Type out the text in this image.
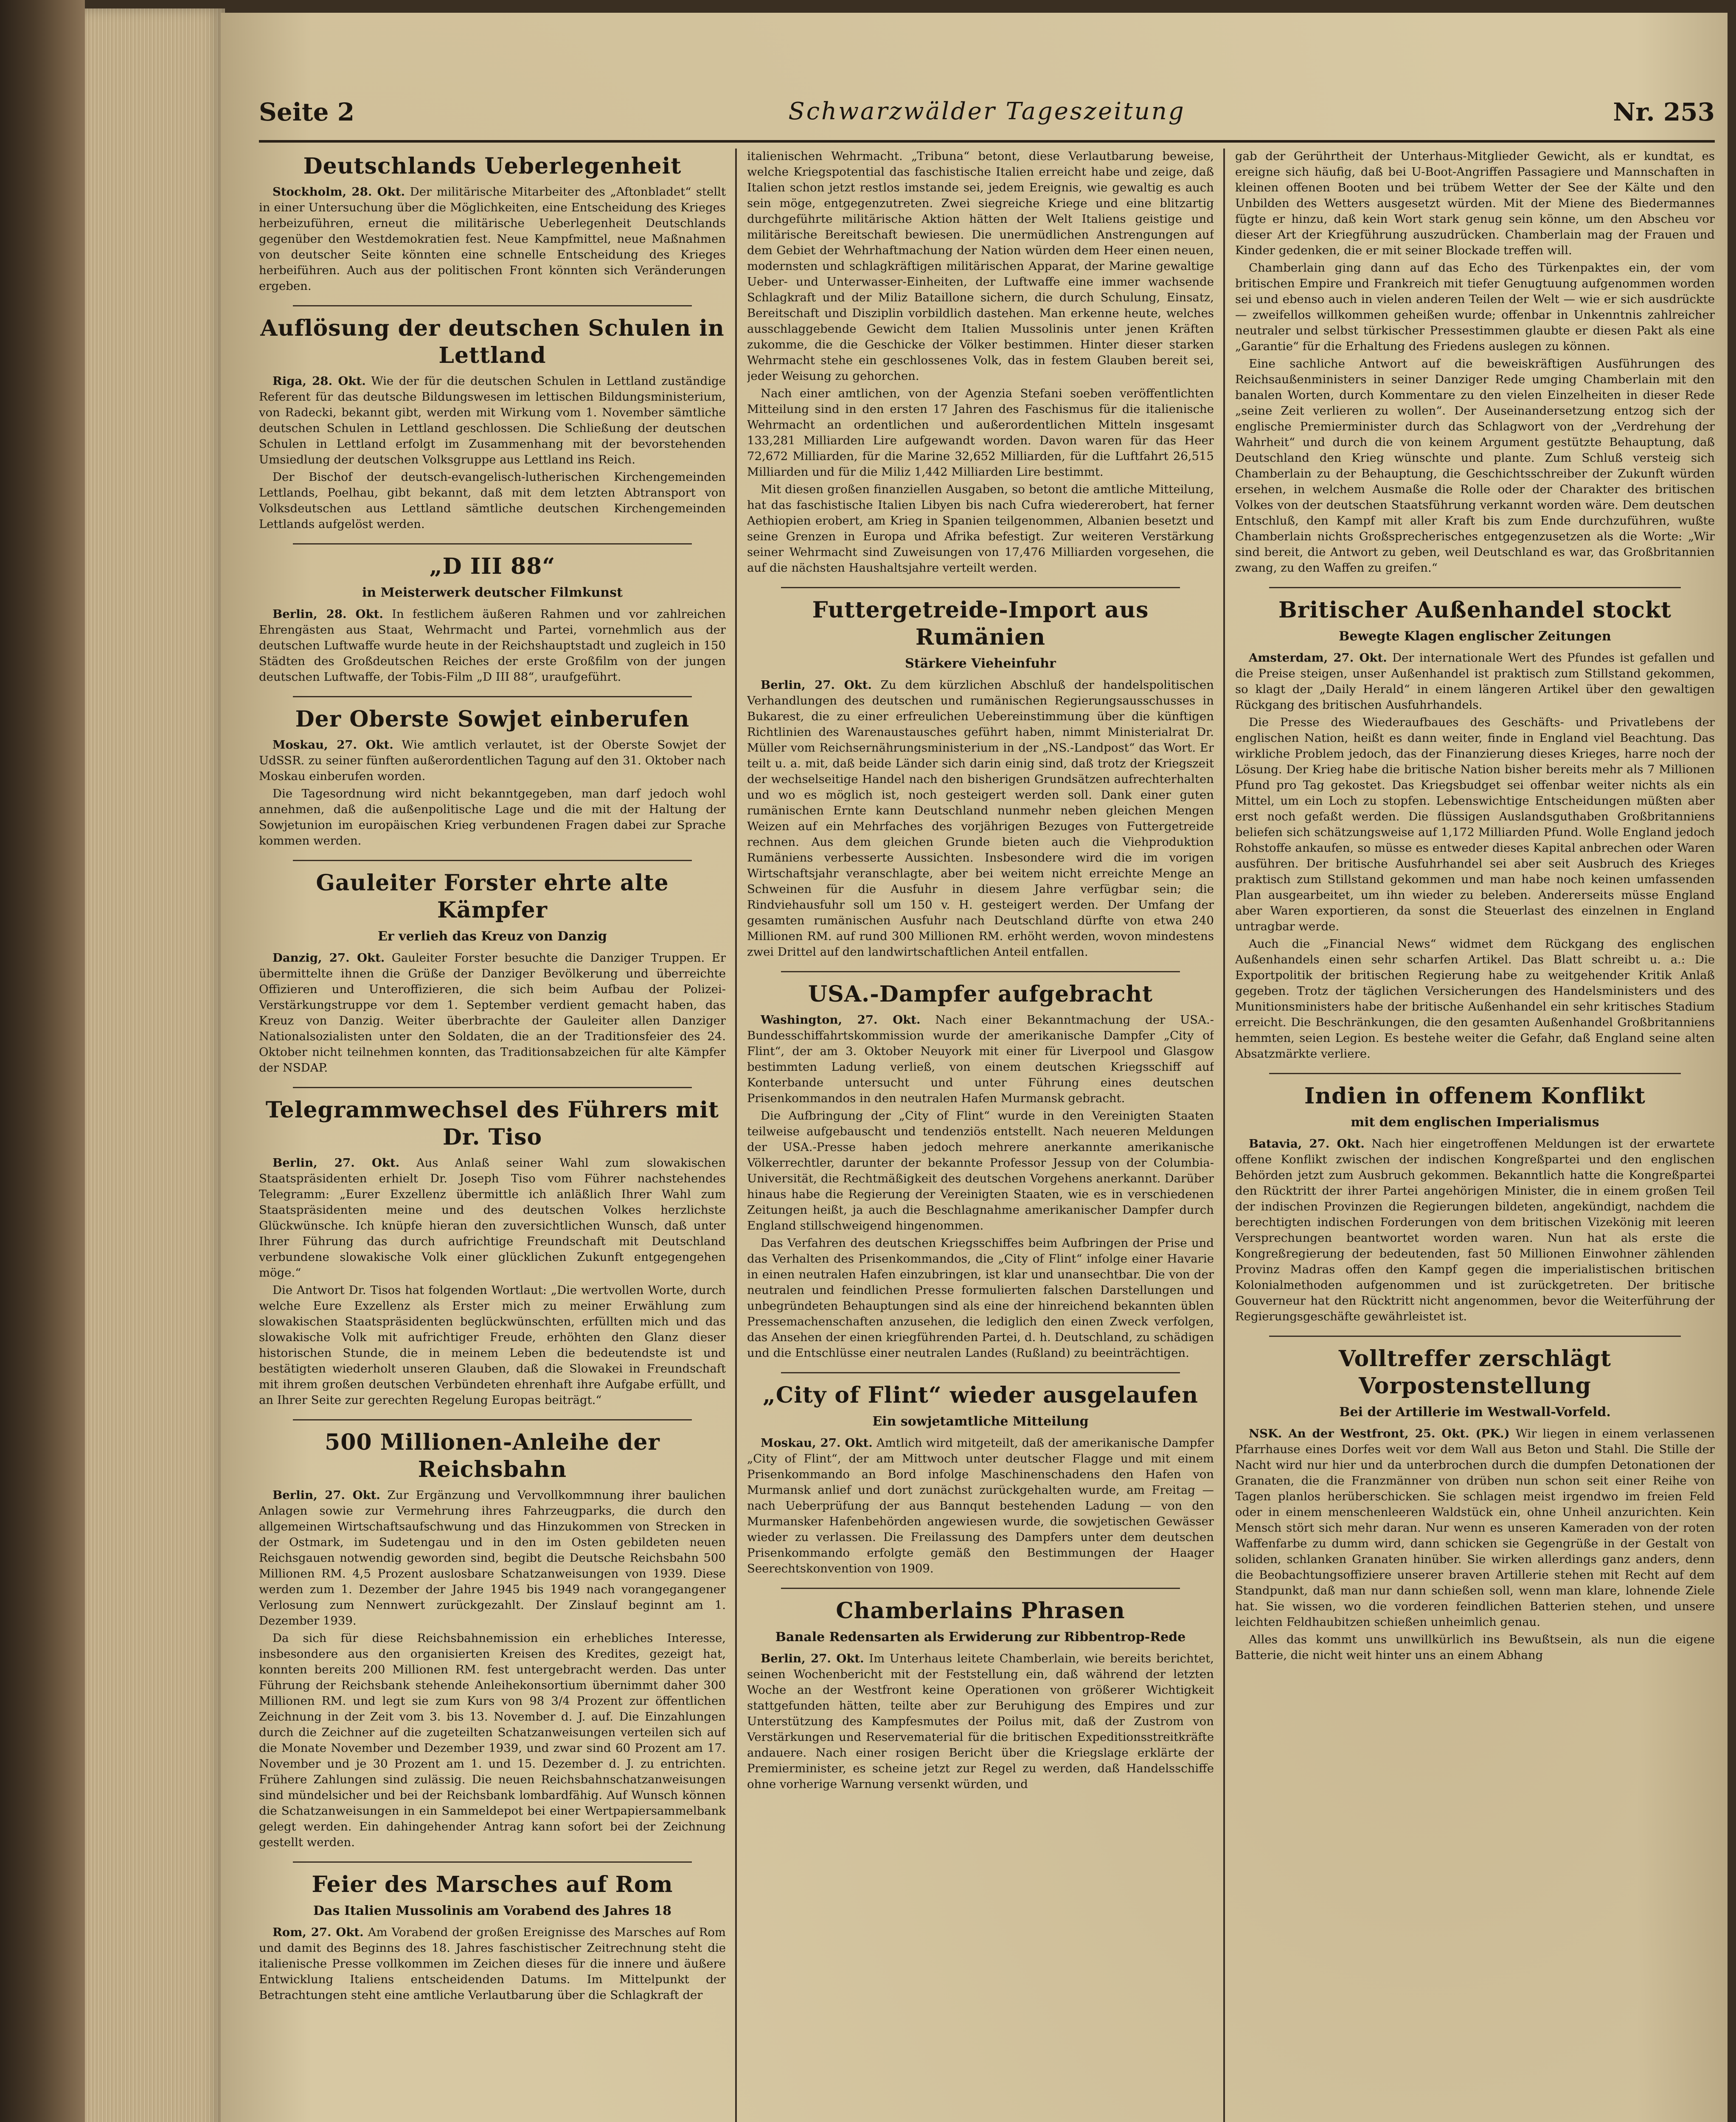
Seite 2	Schwarzwälder Tageszeitung	Nr. 253
Deutschlands Ueberlegenheit

Stockholm, 28. Okt. Der militärische Mitarbeiter des „Aftonbladet“ stellt in einer Untersuchung über die Möglichkeiten, eine Entscheidung des Krieges herbeizuführen, erneut die militärische Ueberlegenheit Deutschlands gegenüber den Westdemokratien fest. Neue Kampfmittel, neue Maßnahmen von deutscher Seite könnten eine schnelle Entscheidung des Krieges herbeiführen. Auch aus der politischen Front könnten sich Veränderungen ergeben.

Auflösung der deutschen Schulen in Lettland

Riga, 28. Okt. Wie der für die deutschen Schulen in Lettland zuständige Referent für das deutsche Bildungswesen im lettischen Bildungsministerium, von Radecki, bekannt gibt, werden mit Wirkung vom 1. November sämtliche deutschen Schulen in Lettland geschlossen. Die Schließung der deutschen Schulen in Lettland erfolgt im Zusammenhang mit der bevorstehenden Umsiedlung der deutschen Volksgruppe aus Lettland ins Reich.

Der Bischof der deutsch-evangelisch-lutherischen Kirchengemeinden Lettlands, Poelhau, gibt bekannt, daß mit dem letzten Abtransport von Volksdeutschen aus Lettland sämtliche deutschen Kirchengemeinden Lettlands aufgelöst werden.

„D III 88“
in Meisterwerk deutscher Filmkunst

Berlin, 28. Okt. In festlichem äußeren Rahmen und vor zahlreichen Ehrengästen aus Staat, Wehrmacht und Partei, vornehmlich aus der deutschen Luftwaffe wurde heute in der Reichshauptstadt und zugleich in 150 Städten des Großdeutschen Reiches der erste Großfilm von der jungen deutschen Luftwaffe, der Tobis-Film „D III 88“, uraufgeführt.

Der Oberste Sowjet einberufen

Moskau, 27. Okt. Wie amtlich verlautet, ist der Oberste Sowjet der UdSSR. zu seiner fünften außerordentlichen Tagung auf den 31. Oktober nach Moskau einberufen worden.

Die Tagesordnung wird nicht bekanntgegeben, man darf jedoch wohl annehmen, daß die außenpolitische Lage und die mit der Haltung der Sowjetunion im europäischen Krieg verbundenen Fragen dabei zur Sprache kommen werden.

Gauleiter Forster ehrte alte Kämpfer
Er verlieh das Kreuz von Danzig

Danzig, 27. Okt. Gauleiter Forster besuchte die Danziger Truppen. Er übermittelte ihnen die Grüße der Danziger Bevölkerung und überreichte Offizieren und Unteroffizieren, die sich beim Aufbau der Polizei-Verstärkungstruppe vor dem 1. September verdient gemacht haben, das Kreuz von Danzig. Weiter überbrachte der Gauleiter allen Danziger Nationalsozialisten unter den Soldaten, die an der Traditionsfeier des 24. Oktober nicht teilnehmen konnten, das Traditionsabzeichen für alte Kämpfer der NSDAP.

Telegrammwechsel des Führers mit Dr. Tiso

Berlin, 27. Okt. Aus Anlaß seiner Wahl zum slowakischen Staatspräsidenten erhielt Dr. Joseph Tiso vom Führer nachstehendes Telegramm: „Eurer Exzellenz übermittle ich anläßlich Ihrer Wahl zum Staatspräsidenten meine und des deutschen Volkes herzlichste Glückwünsche. Ich knüpfe hieran den zuversichtlichen Wunsch, daß unter Ihrer Führung das durch aufrichtige Freundschaft mit Deutschland verbundene slowakische Volk einer glücklichen Zukunft entgegengehen möge.“

Die Antwort Dr. Tisos hat folgenden Wortlaut: „Die wertvollen Worte, durch welche Eure Exzellenz als Erster mich zu meiner Erwählung zum slowakischen Staatspräsidenten beglückwünschten, erfüllten mich und das slowakische Volk mit aufrichtiger Freude, erhöhten den Glanz dieser historischen Stunde, die in meinem Leben die bedeutendste ist und bestätigten wiederholt unseren Glauben, daß die Slowakei in Freundschaft mit ihrem großen deutschen Verbündeten ehrenhaft ihre Aufgabe erfüllt, und an Ihrer Seite zur gerechten Regelung Europas beiträgt.“

500 Millionen-Anleihe der Reichsbahn

Berlin, 27. Okt. Zur Ergänzung und Vervollkommnung ihrer baulichen Anlagen sowie zur Vermehrung ihres Fahrzeugparks, die durch den allgemeinen Wirtschaftsaufschwung und das Hinzukommen von Strecken in der Ostmark, im Sudetengau und in den im Osten gebildeten neuen Reichsgauen notwendig geworden sind, begibt die Deutsche Reichsbahn 500 Millionen RM. 4,5 Prozent auslosbare Schatzanweisungen von 1939. Diese werden zum 1. Dezember der Jahre 1945 bis 1949 nach vorangegangener Verlosung zum Nennwert zurückgezahlt. Der Zinslauf beginnt am 1. Dezember 1939.

Da sich für diese Reichsbahnemission ein erhebliches Interesse, insbesondere aus den organisierten Kreisen des Kredites, gezeigt hat, konnten bereits 200 Millionen RM. fest untergebracht werden. Das unter Führung der Reichsbank stehende Anleihekonsortium übernimmt daher 300 Millionen RM. und legt sie zum Kurs von 98 3/4 Prozent zur öffentlichen Zeichnung in der Zeit vom 3. bis 13. November d. J. auf. Die Einzahlungen durch die Zeichner auf die zugeteilten Schatzanweisungen verteilen sich auf die Monate November und Dezember 1939, und zwar sind 60 Prozent am 17. November und je 30 Prozent am 1. und 15. Dezember d. J. zu entrichten. Frühere Zahlungen sind zulässig. Die neuen Reichsbahnschatzanweisungen sind mündelsicher und bei der Reichsbank lombardfähig. Auf Wunsch können die Schatzanweisungen in ein Sammeldepot bei einer Wertpapiersammelbank gelegt werden. Ein dahingehender Antrag kann sofort bei der Zeichnung gestellt werden.

Feier des Marsches auf Rom
Das Italien Mussolinis am Vorabend des Jahres 18

Rom, 27. Okt. Am Vorabend der großen Ereignisse des Marsches auf Rom und damit des Beginns des 18. Jahres faschistischer Zeitrechnung steht die italienische Presse vollkommen im Zeichen dieses für die innere und äußere Entwicklung Italiens entscheidenden Datums. Im Mittelpunkt der Betrachtungen steht eine amtliche Verlautbarung über die Schlagkraft der

italienischen Wehrmacht. „Tribuna“ betont, diese Verlautbarung beweise, welche Kriegspotential das faschistische Italien erreicht habe und zeige, daß Italien schon jetzt restlos imstande sei, jedem Ereignis, wie gewaltig es auch sein möge, entgegenzutreten. Zwei siegreiche Kriege und eine blitzartig durchgeführte militärische Aktion hätten der Welt Italiens geistige und militärische Bereitschaft bewiesen. Die unermüdlichen Anstrengungen auf dem Gebiet der Wehrhaftmachung der Nation würden dem Heer einen neuen, modernsten und schlagkräftigen militärischen Apparat, der Marine gewaltige Ueber- und Unterwasser-Einheiten, der Luftwaffe eine immer wachsende Schlagkraft und der Miliz Bataillone sichern, die durch Schulung, Einsatz, Bereitschaft und Disziplin vorbildlich dastehen. Man erkenne heute, welches ausschlaggebende Gewicht dem Italien Mussolinis unter jenen Kräften zukomme, die die Geschicke der Völker bestimmen. Hinter dieser starken Wehrmacht stehe ein geschlossenes Volk, das in festem Glauben bereit sei, jeder Weisung zu gehorchen.

Nach einer amtlichen, von der Agenzia Stefani soeben veröffentlichten Mitteilung sind in den ersten 17 Jahren des Faschismus für die italienische Wehrmacht an ordentlichen und außerordentlichen Mitteln insgesamt 133,281 Milliarden Lire aufgewandt worden. Davon waren für das Heer 72,672 Milliarden, für die Marine 32,652 Milliarden, für die Luftfahrt 26,515 Milliarden und für die Miliz 1,442 Milliarden Lire bestimmt.

Mit diesen großen finanziellen Ausgaben, so betont die amtliche Mitteilung, hat das faschistische Italien Libyen bis nach Cufra wiedererobert, hat ferner Aethiopien erobert, am Krieg in Spanien teilgenommen, Albanien besetzt und seine Grenzen in Europa und Afrika befestigt. Zur weiteren Verstärkung seiner Wehrmacht sind Zuweisungen von 17,476 Milliarden vorgesehen, die auf die nächsten Haushaltsjahre verteilt werden.

Futtergetreide-Import aus Rumänien
Stärkere Vieheinfuhr

Berlin, 27. Okt. Zu dem kürzlichen Abschluß der handelspolitischen Verhandlungen des deutschen und rumänischen Regierungsausschusses in Bukarest, die zu einer erfreulichen Uebereinstimmung über die künftigen Richtlinien des Warenaustausches geführt haben, nimmt Ministerialrat Dr. Müller vom Reichsernährungsministerium in der „NS.-Landpost“ das Wort. Er teilt u. a. mit, daß beide Länder sich darin einig sind, daß trotz der Kriegszeit der wechselseitige Handel nach den bisherigen Grundsätzen aufrechterhalten und wo es möglich ist, noch gesteigert werden soll. Dank einer guten rumänischen Ernte kann Deutschland nunmehr neben gleichen Mengen Weizen auf ein Mehrfaches des vorjährigen Bezuges von Futtergetreide rechnen. Aus dem gleichen Grunde bieten auch die Viehproduktion Rumäniens verbesserte Aussichten. Insbesondere wird die im vorigen Wirtschaftsjahr veranschlagte, aber bei weitem nicht erreichte Menge an Schweinen für die Ausfuhr in diesem Jahre verfügbar sein; die Rindviehausfuhr soll um 150 v. H. gesteigert werden. Der Umfang der gesamten rumänischen Ausfuhr nach Deutschland dürfte von etwa 240 Millionen RM. auf rund 300 Millionen RM. erhöht werden, wovon mindestens zwei Drittel auf den landwirtschaftlichen Anteil entfallen.

USA.-Dampfer aufgebracht

Washington, 27. Okt. Nach einer Bekanntmachung der USA.-Bundesschiffahrtskommission wurde der amerikanische Dampfer „City of Flint“, der am 3. Oktober Neuyork mit einer für Liverpool und Glasgow bestimmten Ladung verließ, von einem deutschen Kriegsschiff auf Konterbande untersucht und unter Führung eines deutschen Prisenkommandos in den neutralen Hafen Murmansk gebracht.

Die Aufbringung der „City of Flint“ wurde in den Vereinigten Staaten teilweise aufgebauscht und tendenziös entstellt. Nach neueren Meldungen der USA.-Presse haben jedoch mehrere anerkannte amerikanische Völkerrechtler, darunter der bekannte Professor Jessup von der Columbia-Universität, die Rechtmäßigkeit des deutschen Vorgehens anerkannt. Darüber hinaus habe die Regierung der Vereinigten Staaten, wie es in verschiedenen Zeitungen heißt, ja auch die Beschlagnahme amerikanischer Dampfer durch England stillschweigend hingenommen.

Das Verfahren des deutschen Kriegsschiffes beim Aufbringen der Prise und das Verhalten des Prisenkommandos, die „City of Flint“ infolge einer Havarie in einen neutralen Hafen einzubringen, ist klar und unansechtbar. Die von der neutralen und feindlichen Presse formulierten falschen Darstellungen und unbegründeten Behauptungen sind als eine der hinreichend bekannten üblen Pressemachenschaften anzusehen, die lediglich den einen Zweck verfolgen, das Ansehen der einen kriegführenden Partei, d. h. Deutschland, zu schädigen und die Entschlüsse einer neutralen Landes (Rußland) zu beeinträchtigen.

„City of Flint“ wieder ausgelaufen
Ein sowjetamtliche Mitteilung

Moskau, 27. Okt. Amtlich wird mitgeteilt, daß der amerikanische Dampfer „City of Flint“, der am Mittwoch unter deutscher Flagge und mit einem Prisenkommando an Bord infolge Maschinenschadens den Hafen von Murmansk anlief und dort zunächst zurückgehalten wurde, am Freitag — nach Ueberprüfung der aus Bannqut bestehenden Ladung — von den Murmansker Hafenbehörden angewiesen wurde, die sowjetischen Gewässer wieder zu verlassen. Die Freilassung des Dampfers unter dem deutschen Prisenkommando erfolgte gemäß den Bestimmungen der Haager Seerechtskonvention von 1909.

Chamberlains Phrasen
Banale Redensarten als Erwiderung zur Ribbentrop-Rede

Berlin, 27. Okt. Im Unterhaus leitete Chamberlain, wie bereits berichtet, seinen Wochenbericht mit der Feststellung ein, daß während der letzten Woche an der Westfront keine Operationen von größerer Wichtigkeit stattgefunden hätten, teilte aber zur Beruhigung des Empires und zur Unterstützung des Kampfesmutes der Poilus mit, daß der Zustrom von Verstärkungen und Reservematerial für die britischen Expeditionsstreitkräfte andauere. Nach einer rosigen Bericht über die Kriegslage erklärte der Premierminister, es scheine jetzt zur Regel zu werden, daß Handelsschiffe ohne vorherige Warnung versenkt würden, und

gab der Gerührtheit der Unterhaus-Mitglieder Gewicht, als er kundtat, es ereigne sich häufig, daß bei U-Boot-Angriffen Passagiere und Mannschaften in kleinen offenen Booten und bei trübem Wetter der See der Kälte und den Unbilden des Wetters ausgesetzt würden. Mit der Miene des Biedermannes fügte er hinzu, daß kein Wort stark genug sein könne, um den Abscheu vor dieser Art der Kriegführung auszudrücken. Chamberlain mag der Frauen und Kinder gedenken, die er mit seiner Blockade treffen will.

Chamberlain ging dann auf das Echo des Türkenpaktes ein, der vom britischen Empire und Frankreich mit tiefer Genugtuung aufgenommen worden sei und ebenso auch in vielen anderen Teilen der Welt — wie er sich ausdrückte — zweifellos willkommen geheißen wurde; offenbar in Unkenntnis zahlreicher neutraler und selbst türkischer Pressestimmen glaubte er diesen Pakt als eine „Garantie“ für die Erhaltung des Friedens auslegen zu können.

Eine sachliche Antwort auf die beweiskräftigen Ausführungen des Reichsaußenministers in seiner Danziger Rede umging Chamberlain mit den banalen Worten, durch Kommentare zu den vielen Einzelheiten in dieser Rede „seine Zeit verlieren zu wollen“. Der Auseinandersetzung entzog sich der englische Premierminister durch das Schlagwort von der „Verdrehung der Wahrheit“ und durch die von keinem Argument gestützte Behauptung, daß Deutschland den Krieg wünschte und plante. Zum Schluß versteig sich Chamberlain zu der Behauptung, die Geschichtsschreiber der Zukunft würden ersehen, in welchem Ausmaße die Rolle oder der Charakter des britischen Volkes von der deutschen Staatsführung verkannt worden wäre. Dem deutschen Entschluß, den Kampf mit aller Kraft bis zum Ende durchzuführen, wußte Chamberlain nichts Großsprecherisches entgegenzusetzen als die Worte: „Wir sind bereit, die Antwort zu geben, weil Deutschland es war, das Großbritannien zwang, zu den Waffen zu greifen.“

Britischer Außenhandel stockt
Bewegte Klagen englischer Zeitungen

Amsterdam, 27. Okt. Der internationale Wert des Pfundes ist gefallen und die Preise steigen, unser Außenhandel ist praktisch zum Stillstand gekommen, so klagt der „Daily Herald“ in einem längeren Artikel über den gewaltigen Rückgang des britischen Ausfuhrhandels.

Die Presse des Wiederaufbaues des Geschäfts- und Privatlebens der englischen Nation, heißt es dann weiter, finde in England viel Beachtung. Das wirkliche Problem jedoch, das der Finanzierung dieses Krieges, harre noch der Lösung. Der Krieg habe die britische Nation bisher bereits mehr als 7 Millionen Pfund pro Tag gekostet. Das Kriegsbudget sei offenbar weiter nichts als ein Mittel, um ein Loch zu stopfen. Lebenswichtige Entscheidungen müßten aber erst noch gefaßt werden. Die flüssigen Auslandsguthaben Großbritanniens beliefen sich schätzungsweise auf 1,172 Milliarden Pfund. Wolle England jedoch Rohstoffe ankaufen, so müsse es entweder dieses Kapital anbrechen oder Waren ausführen. Der britische Ausfuhrhandel sei aber seit Ausbruch des Krieges praktisch zum Stillstand gekommen und man habe noch keinen umfassenden Plan ausgearbeitet, um ihn wieder zu beleben. Andererseits müsse England aber Waren exportieren, da sonst die Steuerlast des einzelnen in England untragbar werde.

Auch die „Financial News“ widmet dem Rückgang des englischen Außenhandels einen sehr scharfen Artikel. Das Blatt schreibt u. a.: Die Exportpolitik der britischen Regierung habe zu weitgehender Kritik Anlaß gegeben. Trotz der täglichen Versicherungen des Handelsministers und des Munitionsministers habe der britische Außenhandel ein sehr kritisches Stadium erreicht. Die Beschränkungen, die den gesamten Außenhandel Großbritanniens hemmten, seien Legion. Es bestehe weiter die Gefahr, daß England seine alten Absatzmärkte verliere.

Indien in offenem Konflikt
mit dem englischen Imperialismus

Batavia, 27. Okt. Nach hier eingetroffenen Meldungen ist der erwartete offene Konflikt zwischen der indischen Kongreßpartei und den englischen Behörden jetzt zum Ausbruch gekommen. Bekanntlich hatte die Kongreßpartei den Rücktritt der ihrer Partei angehörigen Minister, die in einem großen Teil der indischen Provinzen die Regierungen bildeten, angekündigt, nachdem die berechtigten indischen Forderungen von dem britischen Vizekönig mit leeren Versprechungen beantwortet worden waren. Nun hat als erste die Kongreßregierung der bedeutenden, fast 50 Millionen Einwohner zählenden Provinz Madras offen den Kampf gegen die imperialistischen britischen Kolonialmethoden aufgenommen und ist zurückgetreten. Der britische Gouverneur hat den Rücktritt nicht angenommen, bevor die Weiterführung der Regierungsgeschäfte gewährleistet ist.

Volltreffer zerschlägt Vorpostenstellung
Bei der Artillerie im Westwall-Vorfeld.

NSK. An der Westfront, 25. Okt. (PK.) Wir liegen in einem verlassenen Pfarrhause eines Dorfes weit vor dem Wall aus Beton und Stahl. Die Stille der Nacht wird nur hier und da unterbrochen durch die dumpfen Detonationen der Granaten, die die Franzmänner von drüben nun schon seit einer Reihe von Tagen planlos herüberschicken. Sie schlagen meist irgendwo im freien Feld oder in einem menschenleeren Waldstück ein, ohne Unheil anzurichten. Kein Mensch stört sich mehr daran. Nur wenn es unseren Kameraden von der roten Waffenfarbe zu dumm wird, dann schicken sie Gegengrüße in der Gestalt von soliden, schlanken Granaten hinüber. Sie wirken allerdings ganz anders, denn die Beobachtungsoffiziere unserer braven Artillerie stehen mit Recht auf dem Standpunkt, daß man nur dann schießen soll, wenn man klare, lohnende Ziele hat. Sie wissen, wo die vorderen feindlichen Batterien stehen, und unsere leichten Feldhaubitzen schießen unheimlich genau.

Alles das kommt uns unwillkürlich ins Bewußtsein, als nun die eigene Batterie, die nicht weit hinter uns an einem Abhang
